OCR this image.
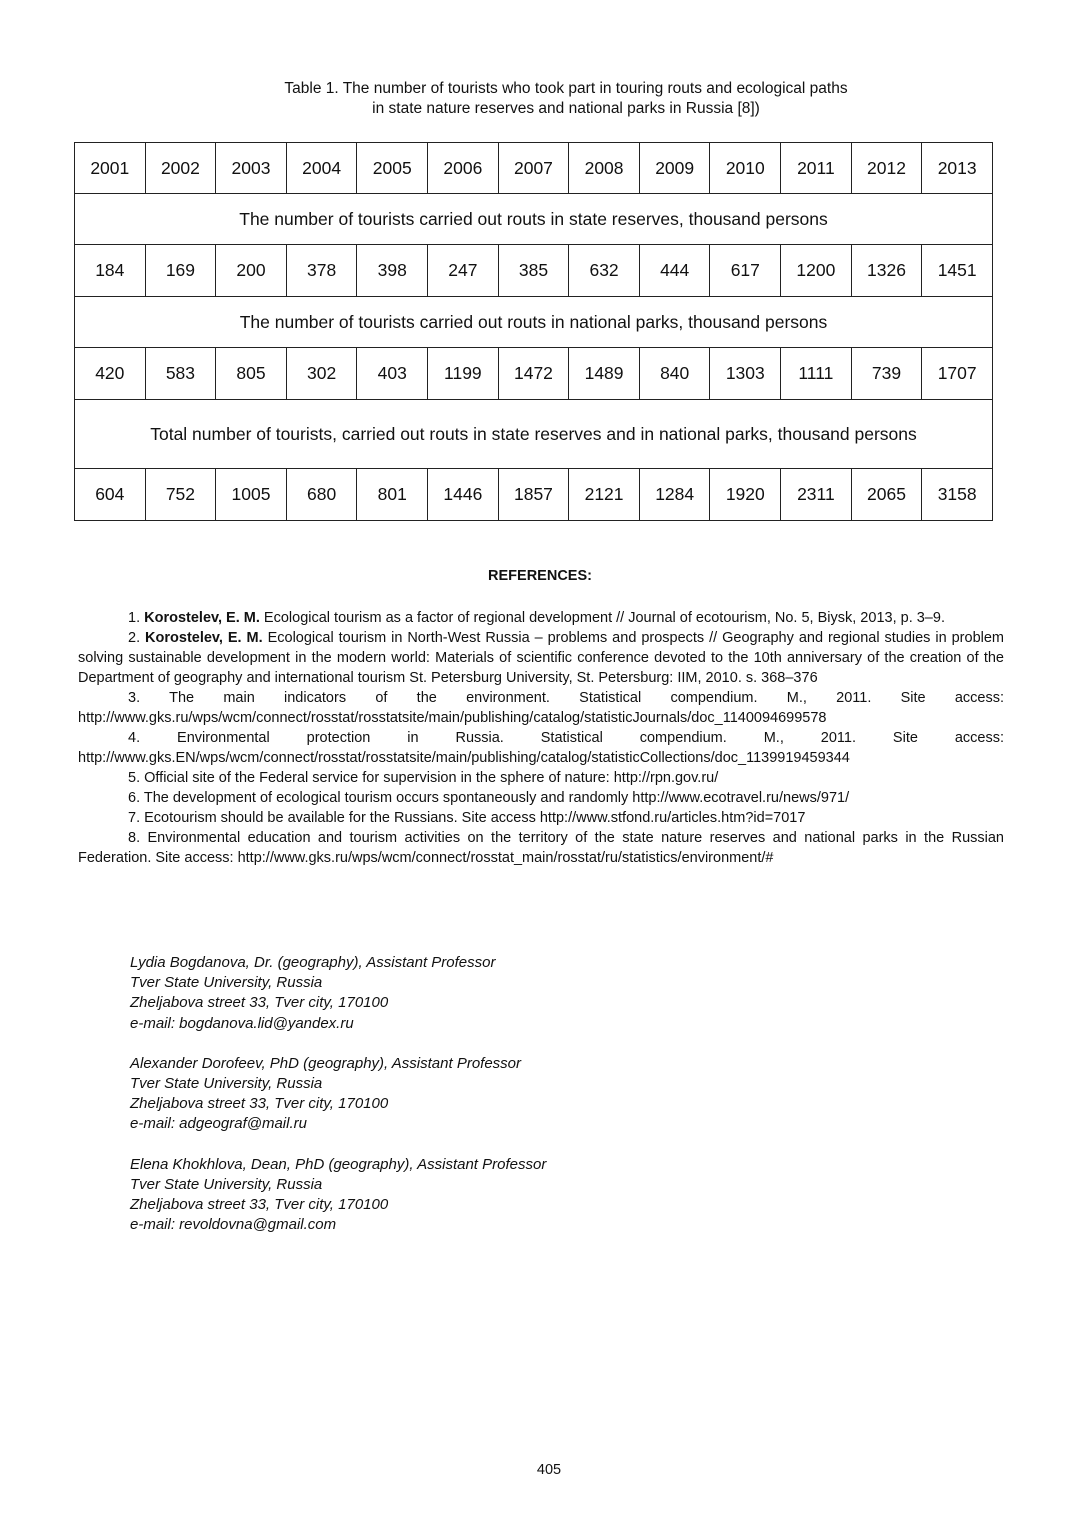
Table 1. The number of tourists who took part in touring routs and ecological paths
in state nature reserves and national parks in Russia [8])
2001	2002	2003	2004	2005	2006	2007	2008	2009	2010	2011	2012	2013
The number of tourists carried out routs in state reserves, thousand persons												
184	169	200	378	398	247	385	632	444	617	1200	1326	1451
The number of tourists carried out routs in national parks, thousand persons												
420	583	805	302	403	1199	1472	1489	840	1303	1111	739	1707
Total number of tourists, carried out routs in state reserves and in national parks, thousand persons												
604	752	1005	680	801	1446	1857	2121	1284	1920	2311	2065	3158
REFERENCES:

1. Korostelev, E. M. Ecological tourism as a factor of regional development // Journal of ecotourism, No. 5, Biysk, 2013, p. 3–9.

2. Korostelev, E. M. Ecological tourism in North-West Russia – problems and prospects // Geography and regional studies in problem solving sustainable development in the modern world: Materials of scientific conference devoted to the 10th anniversary of the creation of the Department of geography and international tourism St. Petersburg University, St. Petersburg: IIM, 2010. s. 368–376

3. The main indicators of the environment. Statistical compendium. M., 2011. Site access: http://www.gks.ru/wps/wcm/connect/rosstat/rosstatsite/main/publishing/catalog/statisticJournals/doc_1140094699578

4.	Environmental protection in Russia. Statistical compendium. M., 2011. Site access: http://www.gks.EN/wps/wcm/connect/rosstat/rosstatsite/main/publishing/catalog/statisticCollections/doc_1139919459344

5. Official site of the Federal service for supervision in the sphere of nature: http://rpn.gov.ru/

6. The development of ecological tourism occurs spontaneously and randomly http://www.ecotravel.ru/news/971/

7. Ecotourism should be available for the Russians. Site access http://www.stfond.ru/articles.htm?id=7017

8. Environmental education and tourism activities on the territory of the state nature reserves and national parks in the Russian Federation. Site access: http://www.gks.ru/wps/wcm/connect/rosstat_main/rosstat/ru/statistics/environment/#

Lydia Bogdanova, Dr. (geography), Assistant Professor
Tver State University, Russia
Zheljabova street 33, Tver city, 170100
e-mail: bogdanova.lid@yandex.ru
Alexander Dorofeev, PhD (geography), Assistant Professor
Tver State University, Russia
Zheljabova street 33, Tver city, 170100
e-mail: adgeograf@mail.ru
Elena Khokhlova, Dean, PhD (geography), Assistant Professor
Tver State University, Russia
Zheljabova street 33, Tver city, 170100
e-mail: revoldovna@gmail.com
405
